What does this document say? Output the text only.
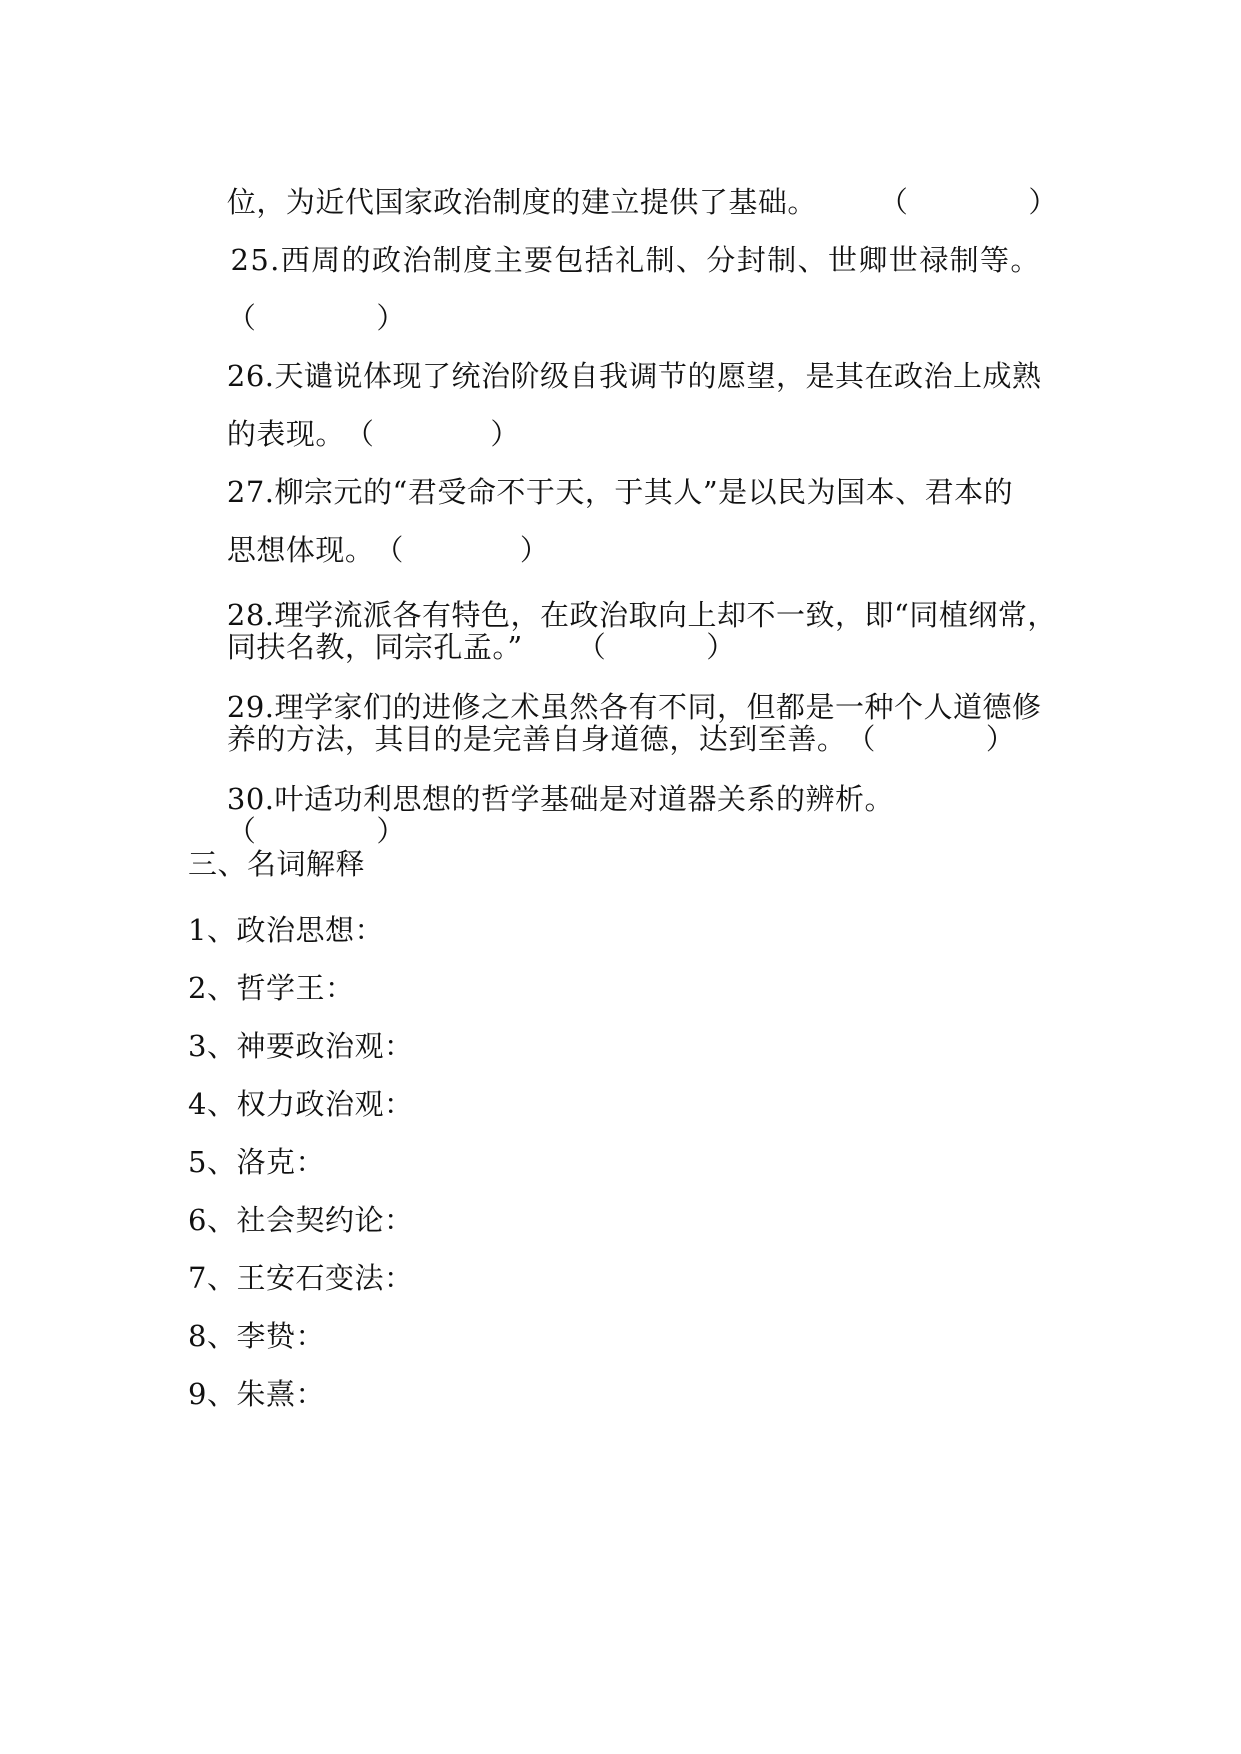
位，为近代国家政治制度的建立提供了基础。 （	）

25.西周的政治制度主要包括礼制、分封制、世卿世禄制等。

（	）

26.天谴说体现了统治阶级自我调节的愿望，是其在政治上成熟

的表现。（	）

27.柳宗元的“君受命不于天，于其人”是以民为国本、君本的

思想体现。（	）

28.理学流派各有特色，在政治取向上却不一致，即“同植纲常，

同扶名教，同宗孔孟。” （	）

29.理学家们的进修之术虽然各有不同，但都是一种个人道德修

养的方法，其目的是完善自身道德，达到至善。（	）

30.叶适功利思想的哲学基础是对道器关系的辨析。

（	）

三、名词解释
1、政治思想：
2、哲学王：
3、神要政治观：
4、权力政治观：
5、洛克：
6、社会契约论：
7、王安石变法：
8、李贽：
9、朱熹：
